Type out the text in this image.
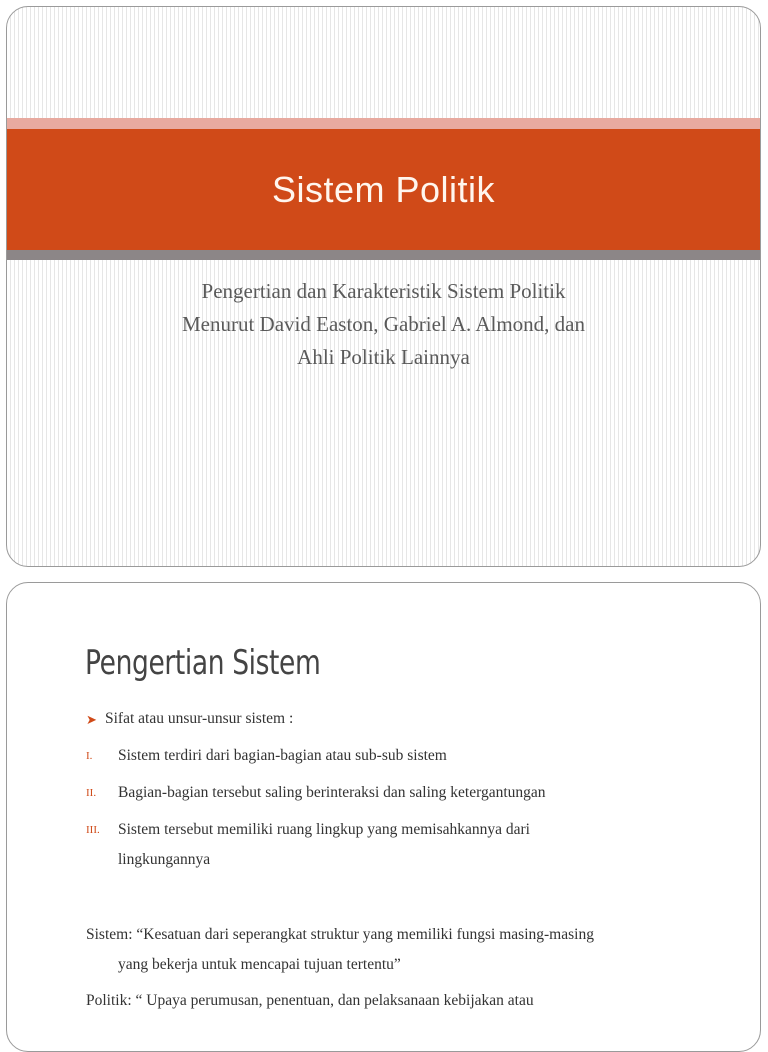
Sistem Politik
Pengertian dan Karakteristik Sistem Politik
Menurut David Easton, Gabriel A. Almond, dan
Ahli Politik Lainnya
Pengertian Sistem
➤ Sifat atau unsur-unsur sistem :
I. Sistem terdiri dari bagian-bagian atau sub-sub sistem
II. Bagian-bagian tersebut saling berinteraksi dan saling ketergantungan
III. Sistem tersebut memiliki ruang lingkup yang memisahkannya dari
lingkungannya
Sistem: “Kesatuan dari seperangkat struktur yang memiliki fungsi masing-masing
yang bekerja untuk mencapai tujuan tertentu”
Politik: “ Upaya perumusan, penentuan, dan pelaksanaan kebijakan atau
